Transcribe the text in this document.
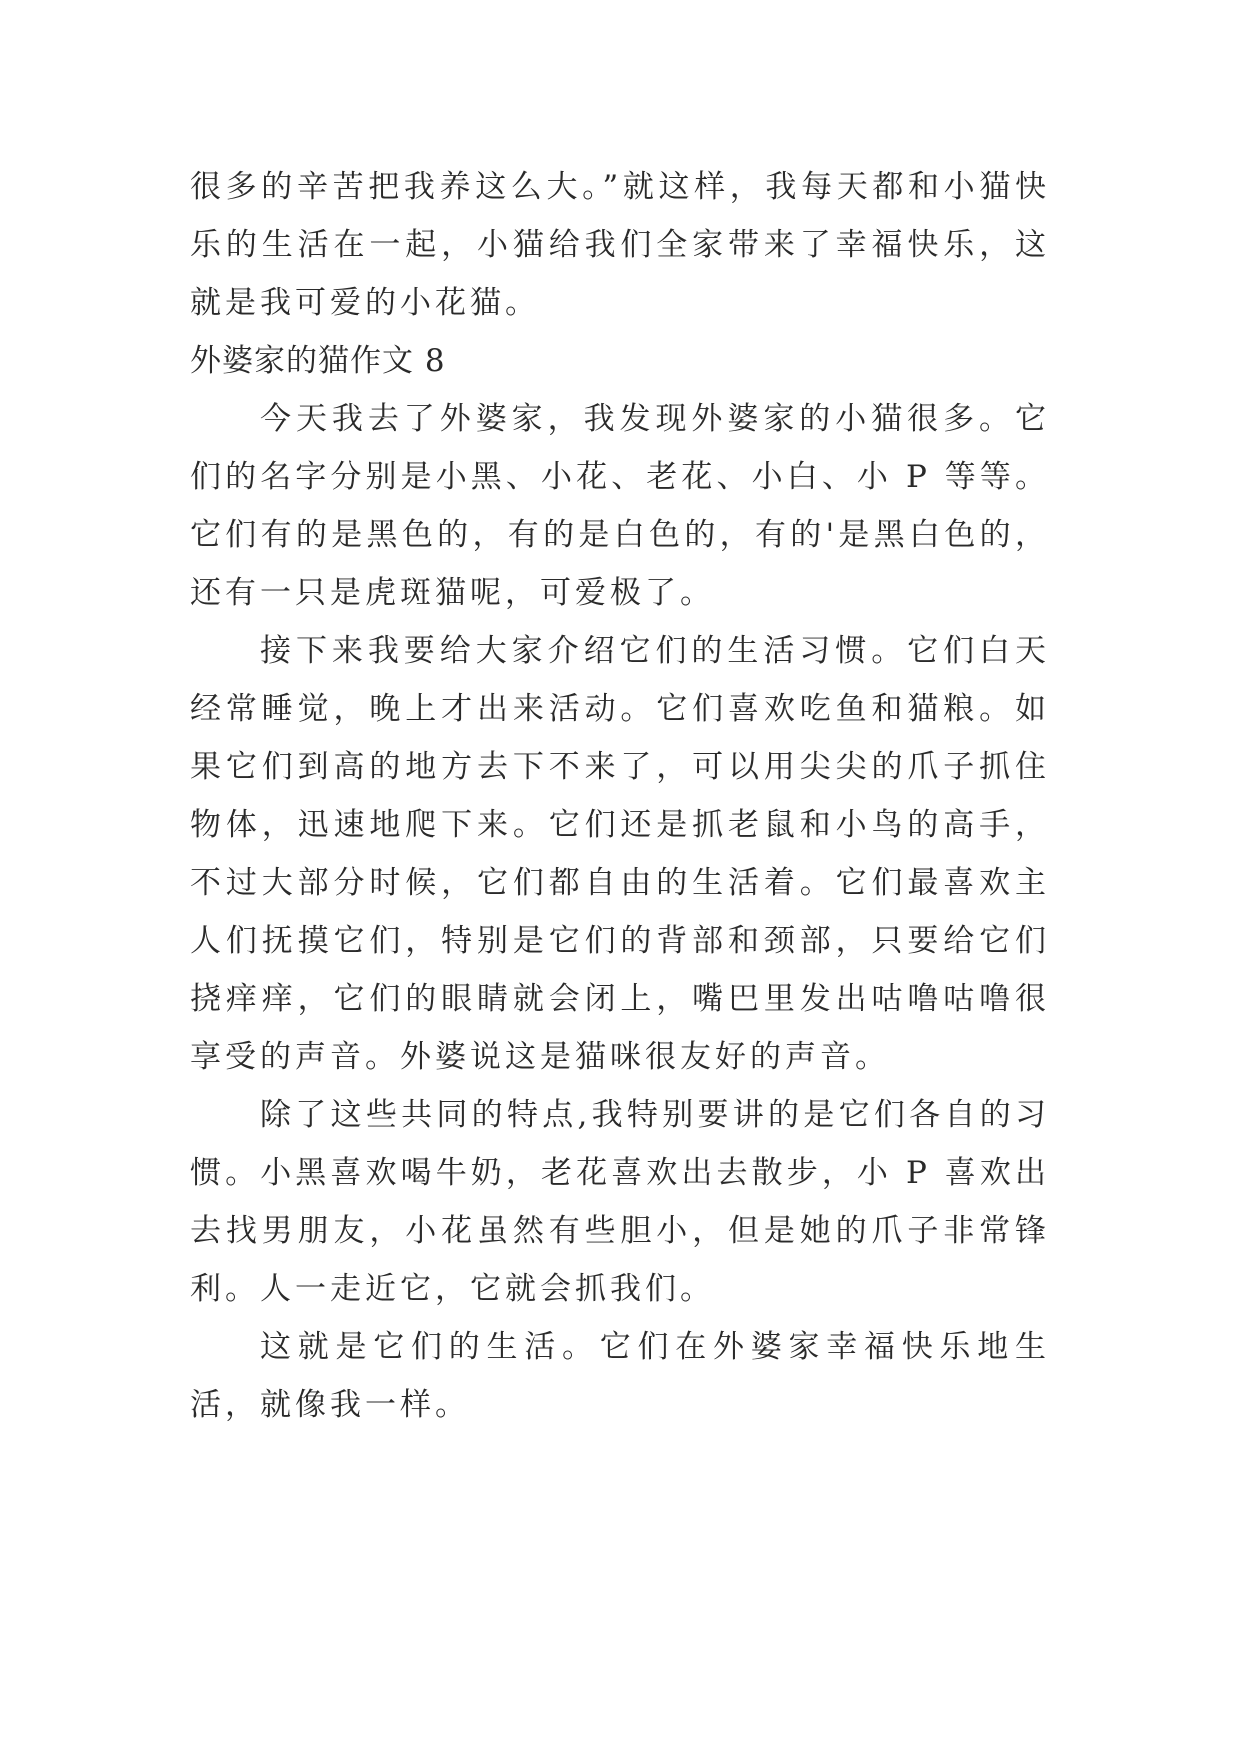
很多的辛苦把我养这么大。”就这样，我每天都和小猫快乐的生活在一起，小猫给我们全家带来了幸福快乐，这就是我可爱的小花猫。

外婆家的猫作文 8

今天我去了外婆家，我发现外婆家的小猫很多。它们的名字分别是小黑、小花、老花、小白、小 P 等等。它们有的是黑色的，有的是白色的，有的'是黑白色的，还有一只是虎斑猫呢，可爱极了。

接下来我要给大家介绍它们的生活习惯。它们白天经常睡觉，晚上才出来活动。它们喜欢吃鱼和猫粮。如果它们到高的地方去下不来了，可以用尖尖的爪子抓住物体，迅速地爬下来。它们还是抓老鼠和小鸟的高手，不过大部分时候，它们都自由的生活着。它们最喜欢主人们抚摸它们，特别是它们的背部和颈部，只要给它们挠痒痒，它们的眼睛就会闭上，嘴巴里发出咕噜咕噜很享受的声音。外婆说这是猫咪很友好的声音。

除了这些共同的特点,我特别要讲的是它们各自的习惯。小黑喜欢喝牛奶，老花喜欢出去散步，小 P 喜欢出去找男朋友，小花虽然有些胆小，但是她的爪子非常锋利。人一走近它，它就会抓我们。

这就是它们的生活。它们在外婆家幸福快乐地生活，就像我一样。
